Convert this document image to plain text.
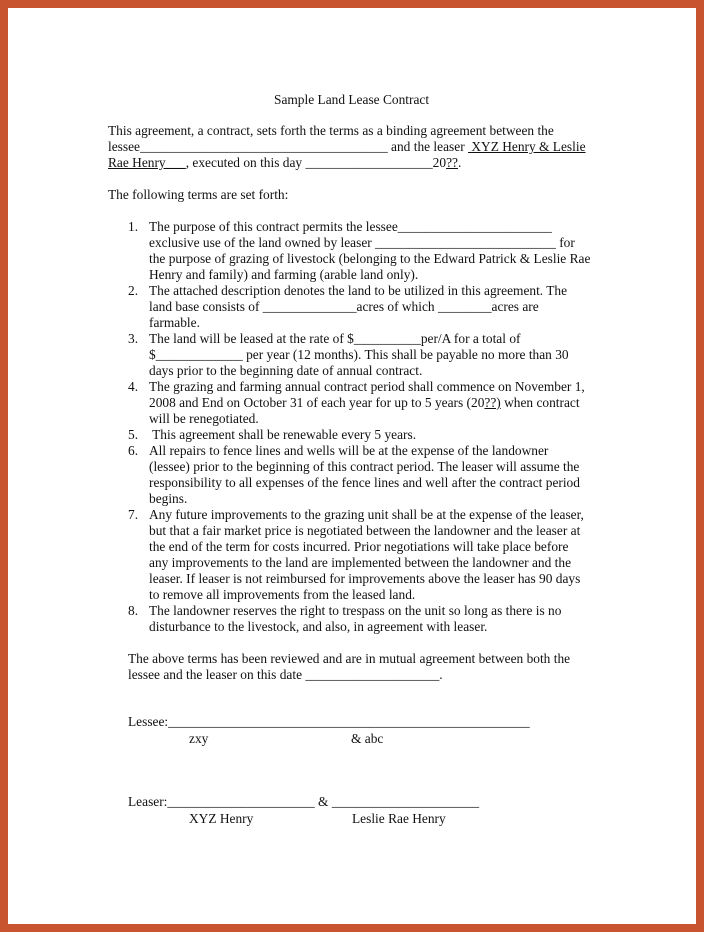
Sample Land Lease Contract
This agreement, a contract, sets forth the terms as a binding agreement between the
lessee_____________________________________ and the leaser  XYZ Henry & Leslie
Rae Henry___, executed on this day ___________________20??.
The following terms are set forth:
1. The purpose of this contract permits the lessee_______________________
exclusive use of the land owned by leaser ___________________________ for
the purpose of grazing of livestock (belonging to the Edward Patrick & Leslie Rae
Henry and family) and farming (arable land only).
2. The attached description denotes the land to be utilized in this agreement. The
land base consists of ______________acres of which ________acres are
farmable.
3. The land will be leased at the rate of $__________per/A for a total of
$_____________ per year (12 months). This shall be payable no more than 30
days prior to the beginning date of annual contract.
4. The grazing and farming annual contract period shall commence on November 1,
2008 and End on October 31 of each year for up to 5 years (20??) when contract
will be renegotiated.
5. This agreement shall be renewable every 5 years.
6. All repairs to fence lines and wells will be at the expense of the landowner
(lessee) prior to the beginning of this contract period. The leaser will assume the
responsibility to all expenses of the fence lines and well after the contract period
begins.
7. Any future improvements to the grazing unit shall be at the expense of the leaser,
but that a fair market price is negotiated between the landowner and the leaser at
the end of the term for costs incurred. Prior negotiations will take place before
any improvements to the land are implemented between the landowner and the
leaser. If leaser is not reimbursed for improvements above the leaser has 90 days
to remove all improvements from the leased land.
8. The landowner reserves the right to trespass on the unit so long as there is no
disturbance to the livestock, and also, in agreement with leaser.
The above terms has been reviewed and are in mutual agreement between both the
lessee and the leaser on this date ____________________.
Lessee:______________________________________________________
zxy	& abc
Leaser:______________________ & ______________________
XYZ Henry	Leslie Rae Henry
